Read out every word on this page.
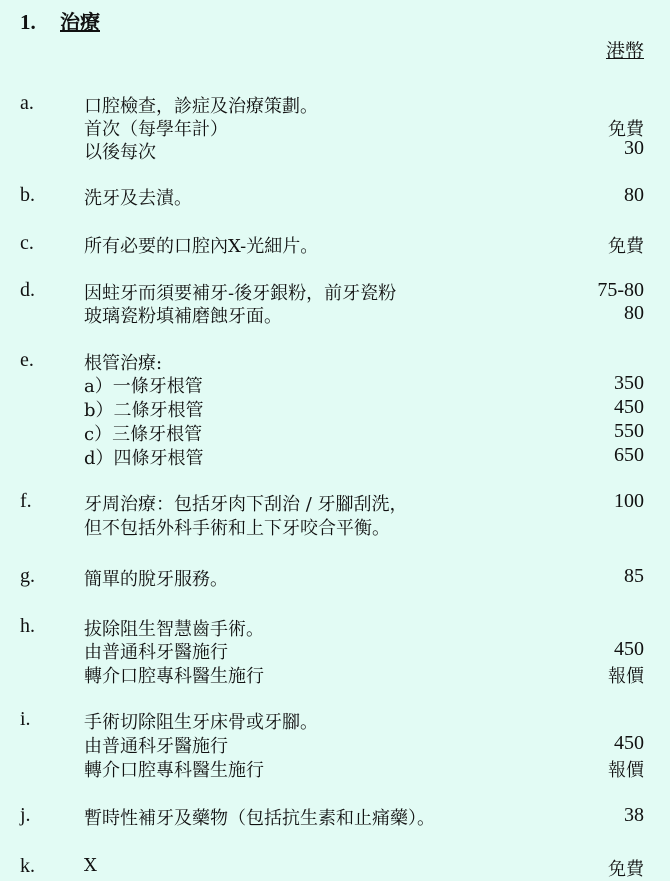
1. 治療
港幣
a.	口腔檢查，診症及治療策劃。
首次（每學年計）	免費
以後每次	30
b.	洗牙及去漬。	80
c.	所有必要的口腔內X-光細片。	免費
d.	因蛀牙而須要補牙-後牙銀粉，前牙瓷粉	75-80
玻璃瓷粉填補磨蝕牙面。	80
e.	根管治療:
a）一條牙根管	350
b）二條牙根管	450
c）三條牙根管	550
d）四條牙根管	650
f.	牙周治療：包括牙肉下刮治 / 牙腳刮洗，	100
但不包括外科手術和上下牙咬合平衡。
g.	簡單的脫牙服務。	85
h.	拔除阻生智慧齒手術。
由普通科牙醫施行	450
轉介口腔專科醫生施行	報價
i.	手術切除阻生牙床骨或牙腳。
由普通科牙醫施行	450
轉介口腔專科醫生施行	報價
j.	暫時性補牙及藥物（包括抗生素和止痛藥）。	38
k.	X	免費
